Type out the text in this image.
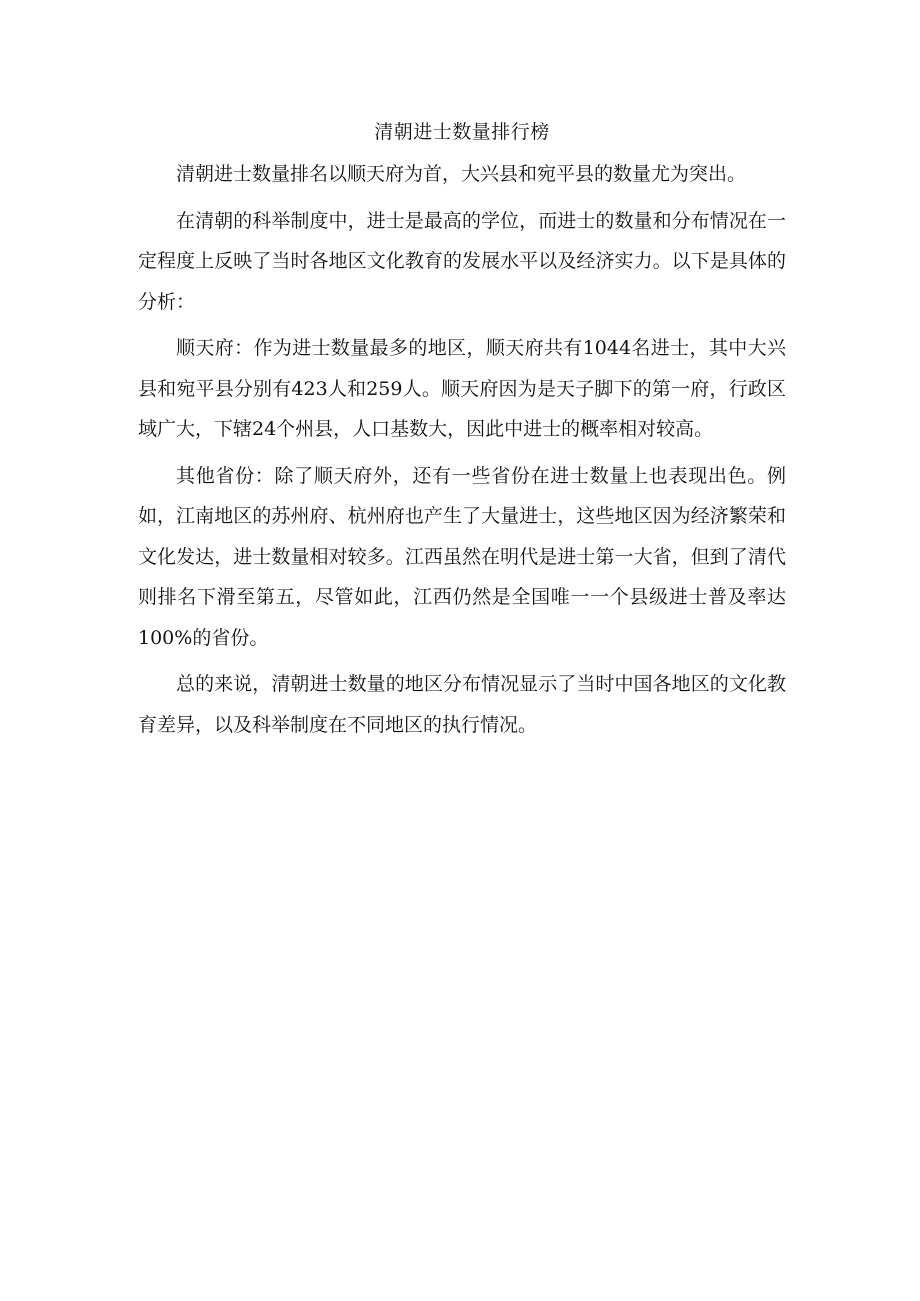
清朝进士数量排行榜

清朝进士数量排名以顺天府为首，大兴县和宛平县的数量尤为突出。

在清朝的科举制度中，进士是最高的学位，而进士的数量和分布情况在一定程度上反映了当时各地区文化教育的发展水平以及经济实力。以下是具体的分析：

顺天府：作为进士数量最多的地区，顺天府共有1044名进士，其中大兴县和宛平县分别有423人和259人。顺天府因为是天子脚下的第一府，行政区域广大，下辖24个州县，人口基数大，因此中进士的概率相对较高。

其他省份：除了顺天府外，还有一些省份在进士数量上也表现出色。例如，江南地区的苏州府、杭州府也产生了大量进士，这些地区因为经济繁荣和文化发达，进士数量相对较多。江西虽然在明代是进士第一大省，但到了清代则排名下滑至第五，尽管如此，江西仍然是全国唯一一个县级进士普及率达100%的省份。

总的来说，清朝进士数量的地区分布情况显示了当时中国各地区的文化教育差异，以及科举制度在不同地区的执行情况。
